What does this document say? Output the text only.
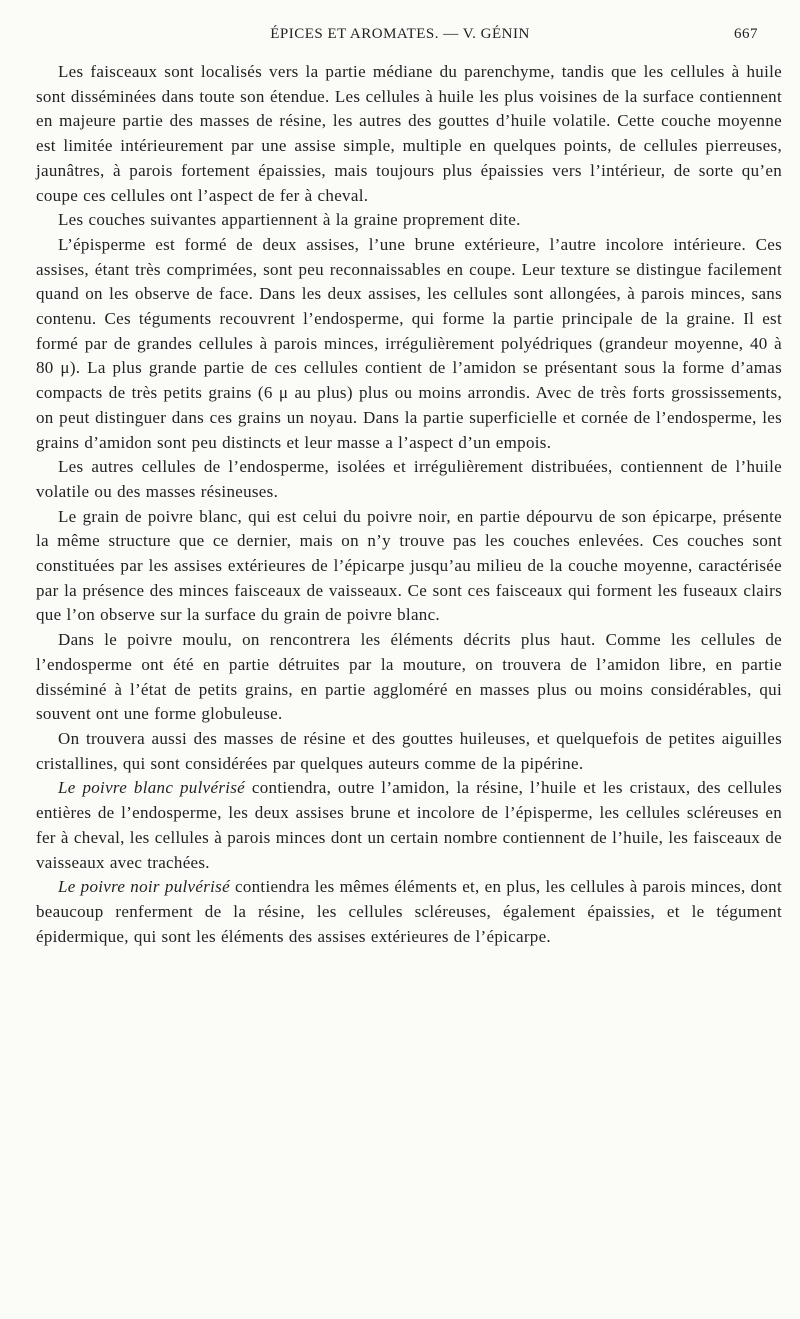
ÉPICES ET AROMATES. — V. GÉNIN	667

Les faisceaux sont localisés vers la partie médiane du parenchyme, tandis que les cellules à huile sont disséminées dans toute son étendue. Les cellules à huile les plus voisines de la surface contiennent en majeure partie des masses de résine, les autres des gouttes d’huile volatile. Cette couche moyenne est limitée intérieurement par une assise simple, multiple en quelques points, de cellules pierreuses, jaunâtres, à parois fortement épaissies, mais toujours plus épaissies vers l’intérieur, de sorte qu’en coupe ces cellules ont l’aspect de fer à cheval.

Les couches suivantes appartiennent à la graine proprement dite.

L’épisperme est formé de deux assises, l’une brune extérieure, l’autre incolore intérieure. Ces assises, étant très comprimées, sont peu reconnaissables en coupe. Leur texture se distingue facilement quand on les observe de face. Dans les deux assises, les cellules sont allongées, à parois minces, sans contenu. Ces téguments recouvrent l’endosperme, qui forme la partie principale de la graine. Il est formé par de grandes cellules à parois minces, irrégulièrement polyédriques (grandeur moyenne, 40 à 80 μ). La plus grande partie de ces cellules contient de l’amidon se présentant sous la forme d’amas compacts de très petits grains (6 μ au plus) plus ou moins arrondis. Avec de très forts grossissements, on peut distinguer dans ces grains un noyau. Dans la partie superficielle et cornée de l’endosperme, les grains d’amidon sont peu distincts et leur masse a l’aspect d’un empois.

Les autres cellules de l’endosperme, isolées et irrégulièrement distribuées, contiennent de l’huile volatile ou des masses résineuses.

Le grain de poivre blanc, qui est celui du poivre noir, en partie dépourvu de son épicarpe, présente la même structure que ce dernier, mais on n’y trouve pas les couches enlevées. Ces couches sont constituées par les assises extérieures de l’épicarpe jusqu’au milieu de la couche moyenne, caractérisée par la présence des minces faisceaux de vaisseaux. Ce sont ces faisceaux qui forment les fuseaux clairs que l’on observe sur la surface du grain de poivre blanc.

Dans le poivre moulu, on rencontrera les éléments décrits plus haut. Comme les cellules de l’endosperme ont été en partie détruites par la mouture, on trouvera de l’amidon libre, en partie disséminé à l’état de petits grains, en partie aggloméré en masses plus ou moins considérables, qui souvent ont une forme globuleuse.

On trouvera aussi des masses de résine et des gouttes huileuses, et quelquefois de petites aiguilles cristallines, qui sont considérées par quelques auteurs comme de la pipérine.

Le poivre blanc pulvérisé contiendra, outre l’amidon, la résine, l’huile et les cristaux, des cellules entières de l’endosperme, les deux assises brune et incolore de l’épisperme, les cellules scléreuses en fer à cheval, les cellules à parois minces dont un certain nombre contiennent de l’huile, les faisceaux de vaisseaux avec trachées.

Le poivre noir pulvérisé contiendra les mêmes éléments et, en plus, les cellules à parois minces, dont beaucoup renferment de la résine, les cellules scléreuses, également épaissies, et le tégument épidermique, qui sont les éléments des assises extérieures de l’épicarpe.
